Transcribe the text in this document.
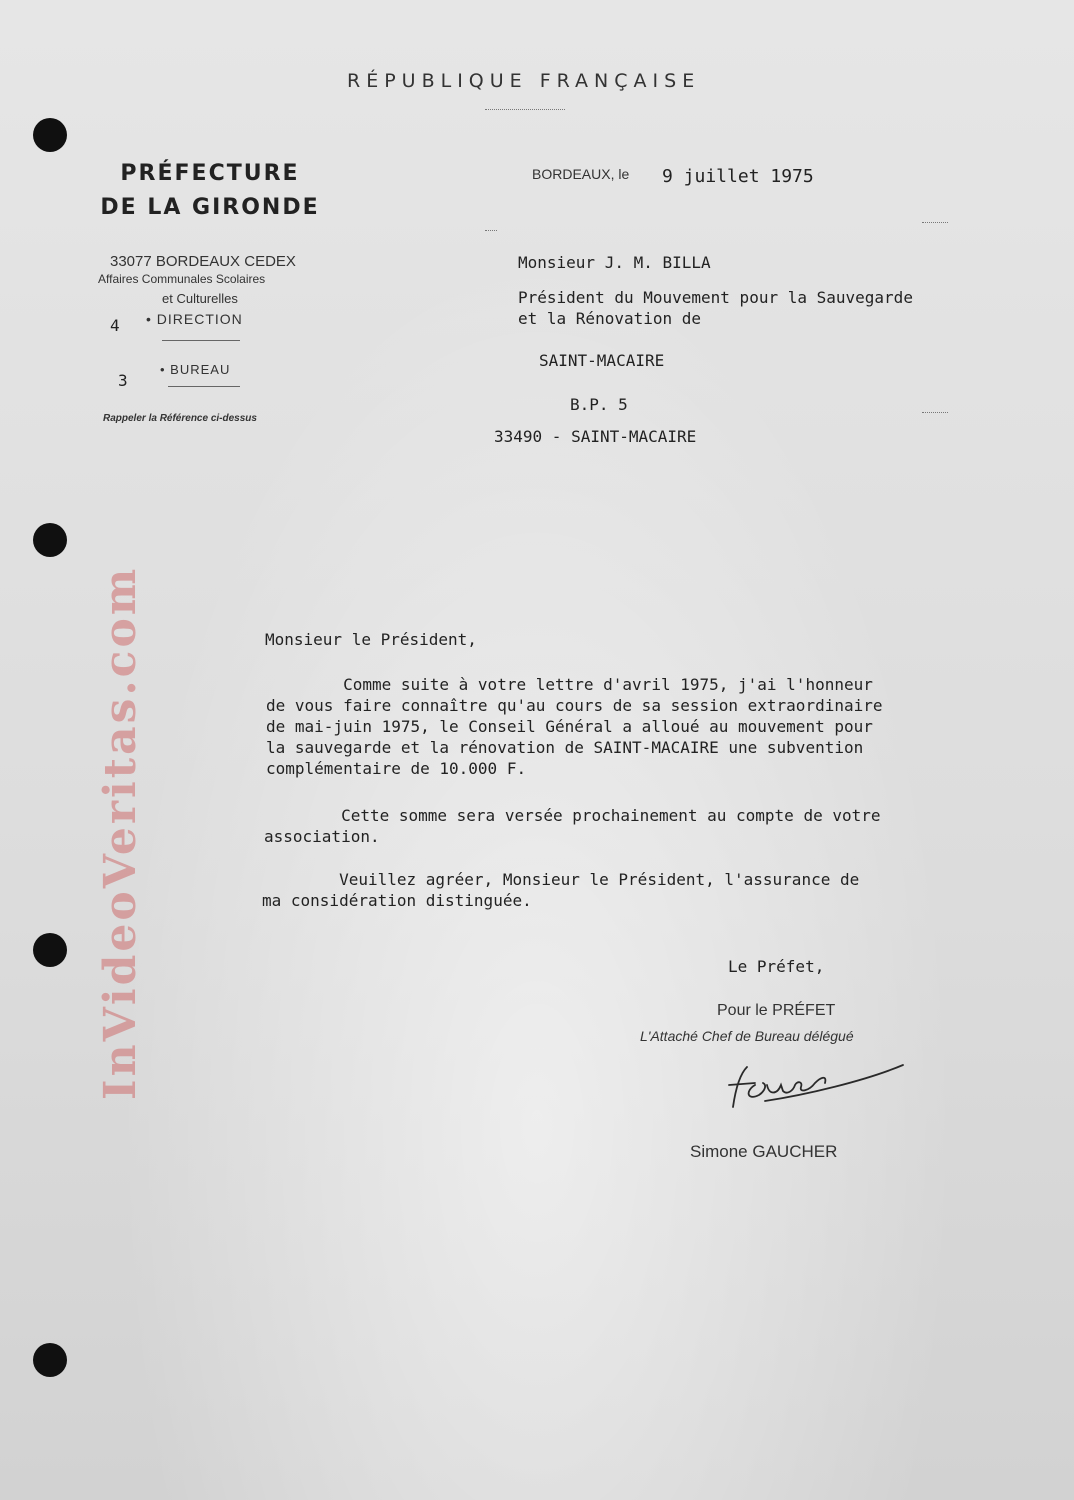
InVideoVeritas.com
RÉPUBLIQUE FRANÇAISE
PRÉFECTURE
DE LA GIRONDE
33077 BORDEAUX CEDEX
Affaires Communales Scolaires
et Culturelles
4 • DIRECTION
3
• BUREAU
Rappeler la Référence ci-dessus
BORDEAUX, le 9 juillet 1975
Monsieur J. M. BILLA
Président du Mouvement pour la Sauvegarde
et la Rénovation de
SAINT-MACAIRE
B.P. 5
33490 - SAINT-MACAIRE
Monsieur le Président,
Comme suite à votre lettre d'avril 1975, j'ai l'honneur
de vous faire connaître qu'au cours de sa session extraordinaire
de mai-juin 1975, le Conseil Général a alloué au mouvement pour
la sauvegarde et la rénovation de SAINT-MACAIRE une subvention
complémentaire de 10.000 F.
Cette somme sera versée prochainement au compte de votre
association.
Veuillez agréer, Monsieur le Président, l'assurance de
ma considération distinguée.
Le Préfet,
Pour le PRÉFET
L'Attaché Chef de Bureau délégué
Simone GAUCHER
